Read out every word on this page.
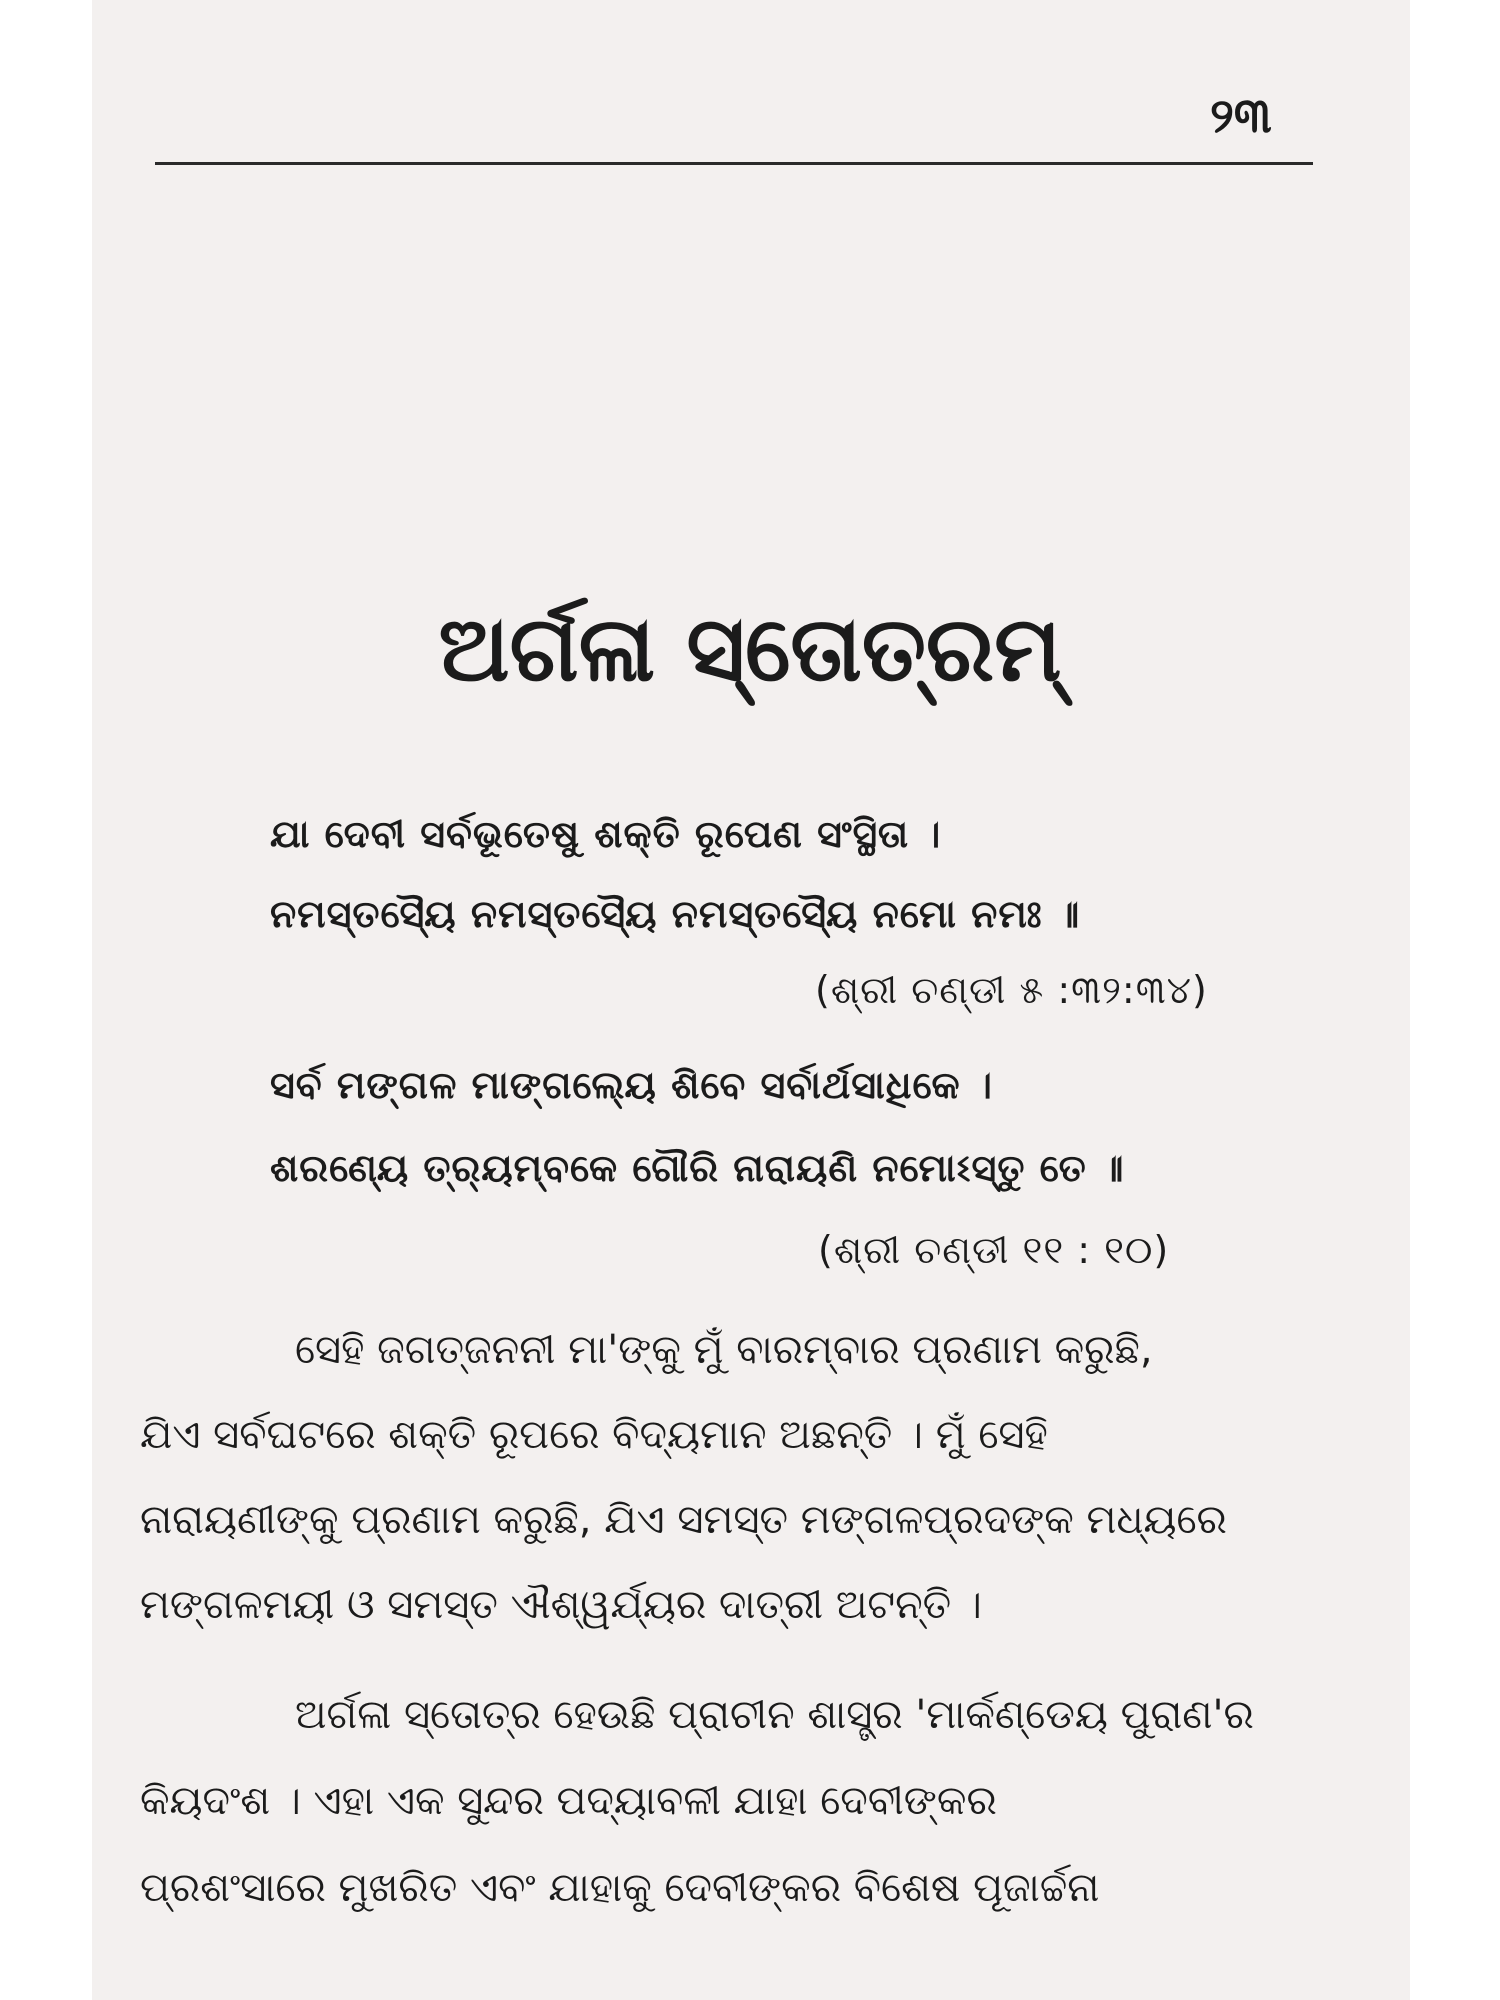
୨୩
ଅର୍ଗଳା ସ୍ତୋତ୍ରମ୍
ଯା ଦେବୀ ସର୍ବଭୂତେଷୁ ଶକ୍ତି ରୂପେଣ ସଂସ୍ଥିତା ।
ନମସ୍ତସ୍ୟୈ ନମସ୍ତସ୍ୟୈ ନମସ୍ତସ୍ୟୈ ନମୋ ନମଃ ॥
(ଶ୍ରୀ ଚଣ୍ଡୀ ୫ :୩୨:୩୪)
ସର୍ବ ମଙ୍ଗଳ ମାଙ୍ଗଲ୍ୟେ ଶିବେ ସର୍ବାର୍ଥସାଧିକେ ।
ଶରଣ୍ୟେ ତ୍ର୍ୟମ୍ବକେ ଗୌରି ନାରାୟଣି ନମୋଽସ୍ତୁ ତେ ॥
(ଶ୍ରୀ ଚଣ୍ଡୀ ୧୧ : ୧୦)
ସେହି ଜଗତ୍‌ଜନନୀ ମା'ଙ୍କୁ ମୁଁ ବାରମ୍ବାର ପ୍ରଣାମ କରୁଛି,
ଯିଏ ସର୍ବଘଟରେ ଶକ୍ତି ରୂପରେ ବିଦ୍ୟମାନ ଅଛନ୍ତି । ମୁଁ ସେହି
ନାରାୟଣୀଙ୍କୁ ପ୍ରଣାମ କରୁଛି, ଯିଏ ସମସ୍ତ ମଙ୍ଗଳପ୍ରଦଙ୍କ ମଧ୍ୟରେ
ମଙ୍ଗଳମୟୀ ଓ ସମସ୍ତ ଐଶ୍ୱର୍ଯ୍ୟର ଦାତ୍ରୀ ଅଟନ୍ତି ।
ଅର୍ଗଳା ସ୍ତୋତ୍ର ହେଉଛି ପ୍ରାଚୀନ ଶାସ୍ତ୍ର 'ମାର୍କଣ୍ଡେୟ ପୁରାଣ'ର
କିୟଦଂଶ । ଏହା ଏକ ସୁନ୍ଦର ପଦ୍ୟାବଳୀ ଯାହା ଦେବୀଙ୍କର
ପ୍ରଶଂସାରେ ମୁଖରିତ ଏବଂ ଯାହାକୁ ଦେବୀଙ୍କର ବିଶେଷ ପୂଜାର୍ଚ୍ଚନା
